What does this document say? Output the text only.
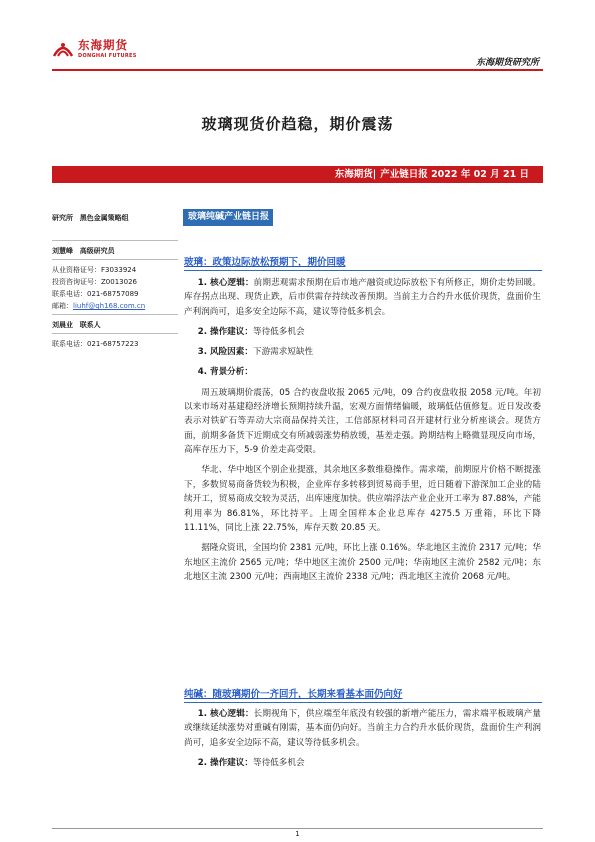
东海期货
DONGHAI FUTURES
东海期货研究所
玻璃现货价趋稳，期价震荡
东海期货| 产业链日报 2022 年 02 月 21 日
研究所 黑色金属策略组
刘慧峰 高级研究员
从业资格证号：F3033924
投资咨询证号：Z0013026
联系电话：021-68757089
邮箱：liuhf@qh168.com.cn
刘晨业 联系人
联系电话：021-68757223
玻璃纯碱产业链日报
玻璃：政策边际放松预期下，期价回暖

1. 核心逻辑：前期悲观需求预期在后市地产融资或边际放松下有所修正，期价走势回暖。库存拐点出现、现货止跌，后市供需存持续改善预期。当前主力合约升水低价现货，盘面价生产利润尚可，追多安全边际不高，建议等待低多机会。

2. 操作建议：等待低多机会

3. 风险因素：下游需求短缺性

4. 背景分析：

周五玻璃期价震荡，05 合约夜盘收报 2065 元/吨，09 合约夜盘收报 2058 元/吨。年初以来市场对基建稳经济增长预期持续升温，宏观方面情绪偏暖，玻璃低估值修复。近日发改委表示对铁矿石等弄动大宗商品保持关注，工信部原材料司召开建材行业分析座谈会。现货方面，前期多备货下近期成交有所减弱涨势稍放缓，基差走强。跨期结构上略微显现反向市场，高库存压力下，5-9 价差走高受限。

华北、华中地区个别企业提涨，其余地区多数维稳操作。需求端，前期原片价格不断提涨下，多数贸易商备货较为积极，企业库存多转移到贸易商手里，近日随着下游深加工企业的陆续开工，贸易商成交较为灵活，出库速度加快。供应端浮法产业企业开工率为 87.88%，产能利用率为 86.81%，环比持平。上周全国样本企业总库存 4275.5 万重箱，环比下降 11.11%，同比上涨 22.75%，库存天数 20.85 天。

据隆众资讯，全国均价 2381 元/吨，环比上涨 0.16%。华北地区主流价 2317 元/吨；华东地区主流价 2565 元/吨；华中地区主流价 2500 元/吨；华南地区主流价 2582 元/吨；东北地区主流 2300 元/吨；西南地区主流价 2338 元/吨；西北地区主流价 2068 元/吨。

纯碱：随玻璃期价一齐回升，长期来看基本面仍向好

1. 核心逻辑：长期视角下，供应端至年底没有较强的新增产能压力，需求端平板玻璃产量或继续延续涨势对重碱有刚需，基本面仍向好。当前主力合约升水低价现货，盘面价生产利润尚可，追多安全边际不高，建议等待低多机会。

2. 操作建议：等待低多机会

1
